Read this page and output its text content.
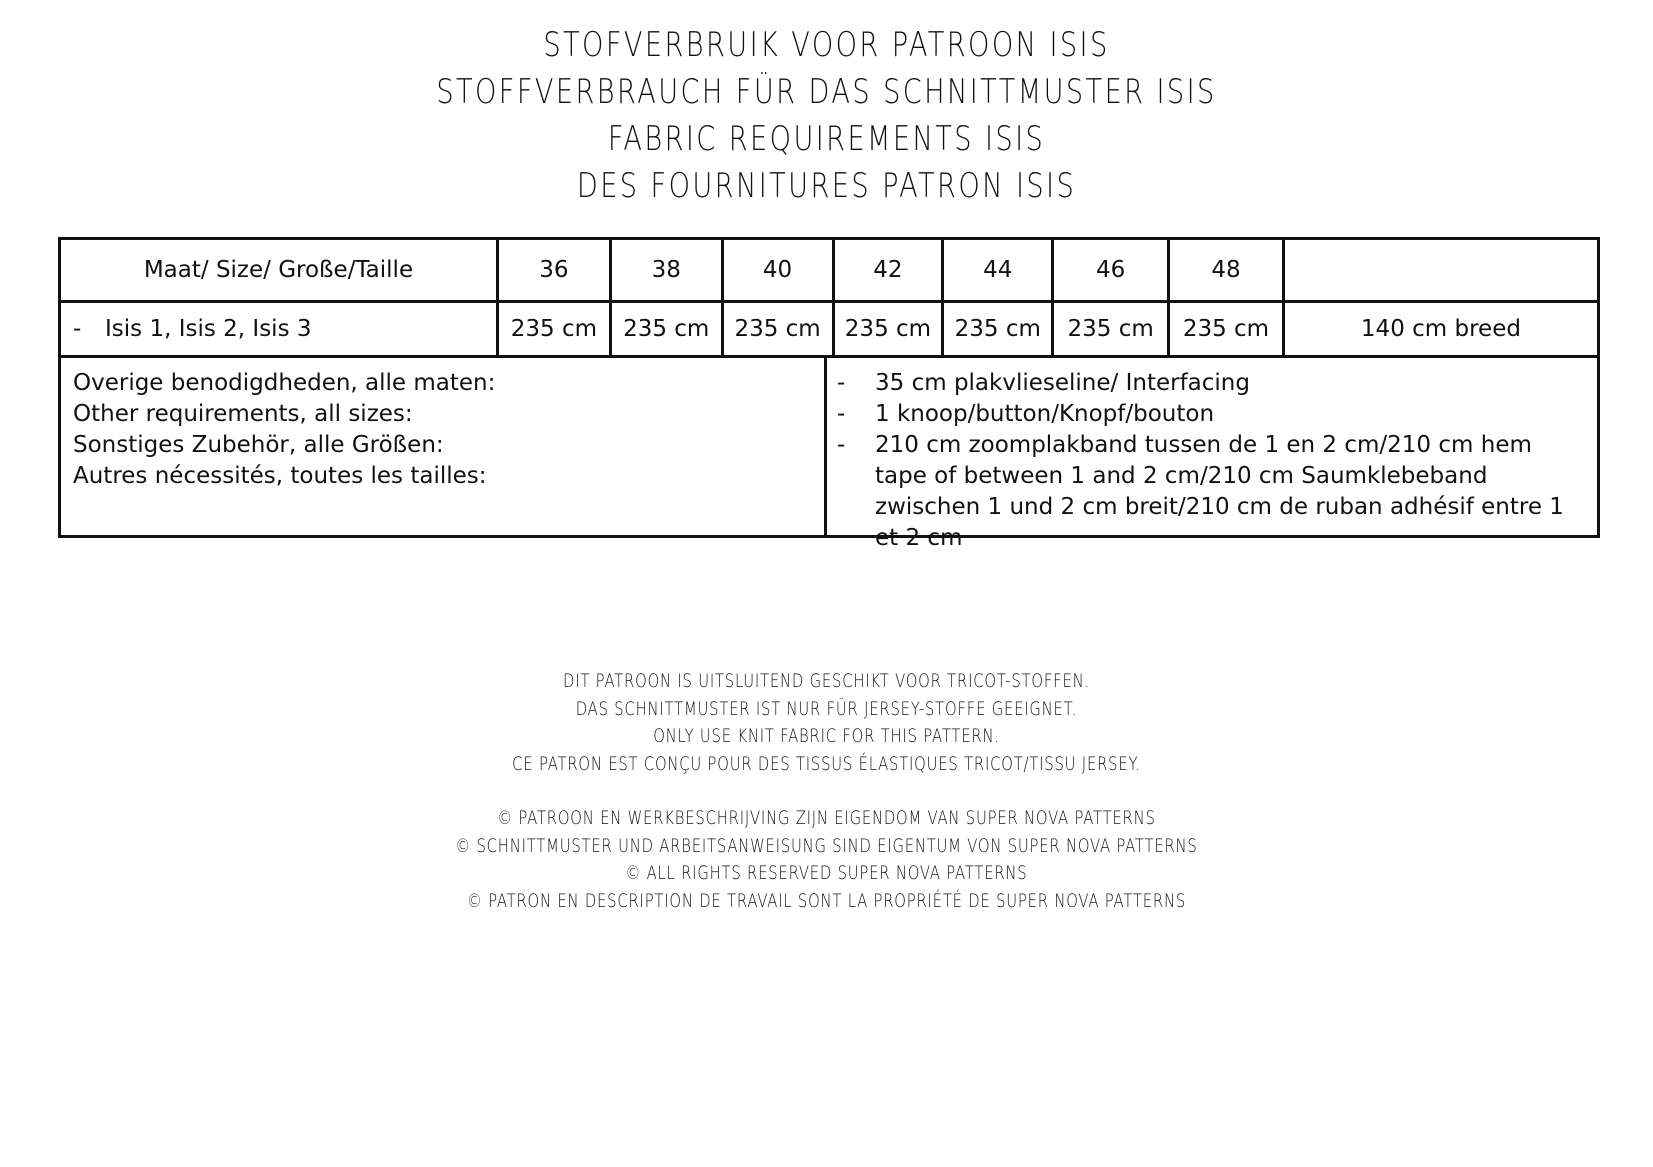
STOFVERBRUIK VOOR PATROON ISIS
STOFFVERBRAUCH FÜR DAS SCHNITTMUSTER ISIS
FABRIC REQUIREMENTS ISIS
DES FOURNITURES PATRON ISIS
Maat/ Size/ Große/Taille	36	38	40	42	44	46	48	
- Isis 1, Isis 2, Isis 3	235 cm	235 cm	235 cm	235 cm	235 cm	235 cm	235 cm	140 cm breed
Overige benodigdheden, alle maten:
Other requirements, all sizes:
Sonstiges Zubehör, alle Größen:
Autres nécessités, toutes les tailles:
-	35 cm plakvlieseline/ Interfacing
-	1 knoop/button/Knopf/bouton
-	210 cm zoomplakband tussen de 1 en 2 cm/210 cm hem tape of between 1 and 2 cm/210 cm Saumklebeband zwischen 1 und 2 cm breit/210 cm de ruban adhésif entre 1 et 2 cm
DIT PATROON IS UITSLUITEND GESCHIKT VOOR TRICOT-STOFFEN.
DAS SCHNITTMUSTER IST NUR FÜR JERSEY-STOFFE GEEIGNET.
ONLY USE KNIT FABRIC FOR THIS PATTERN.
CE PATRON EST CONÇU POUR DES TISSUS ÉLASTIQUES TRICOT/TISSU JERSEY.
© PATROON EN WERKBESCHRIJVING ZIJN EIGENDOM VAN SUPER NOVA PATTERNS
© SCHNITTMUSTER UND ARBEITSANWEISUNG SIND EIGENTUM VON SUPER NOVA PATTERNS
© ALL RIGHTS RESERVED SUPER NOVA PATTERNS
© PATRON EN DESCRIPTION DE TRAVAIL SONT LA PROPRIÉTÉ DE SUPER NOVA PATTERNS
